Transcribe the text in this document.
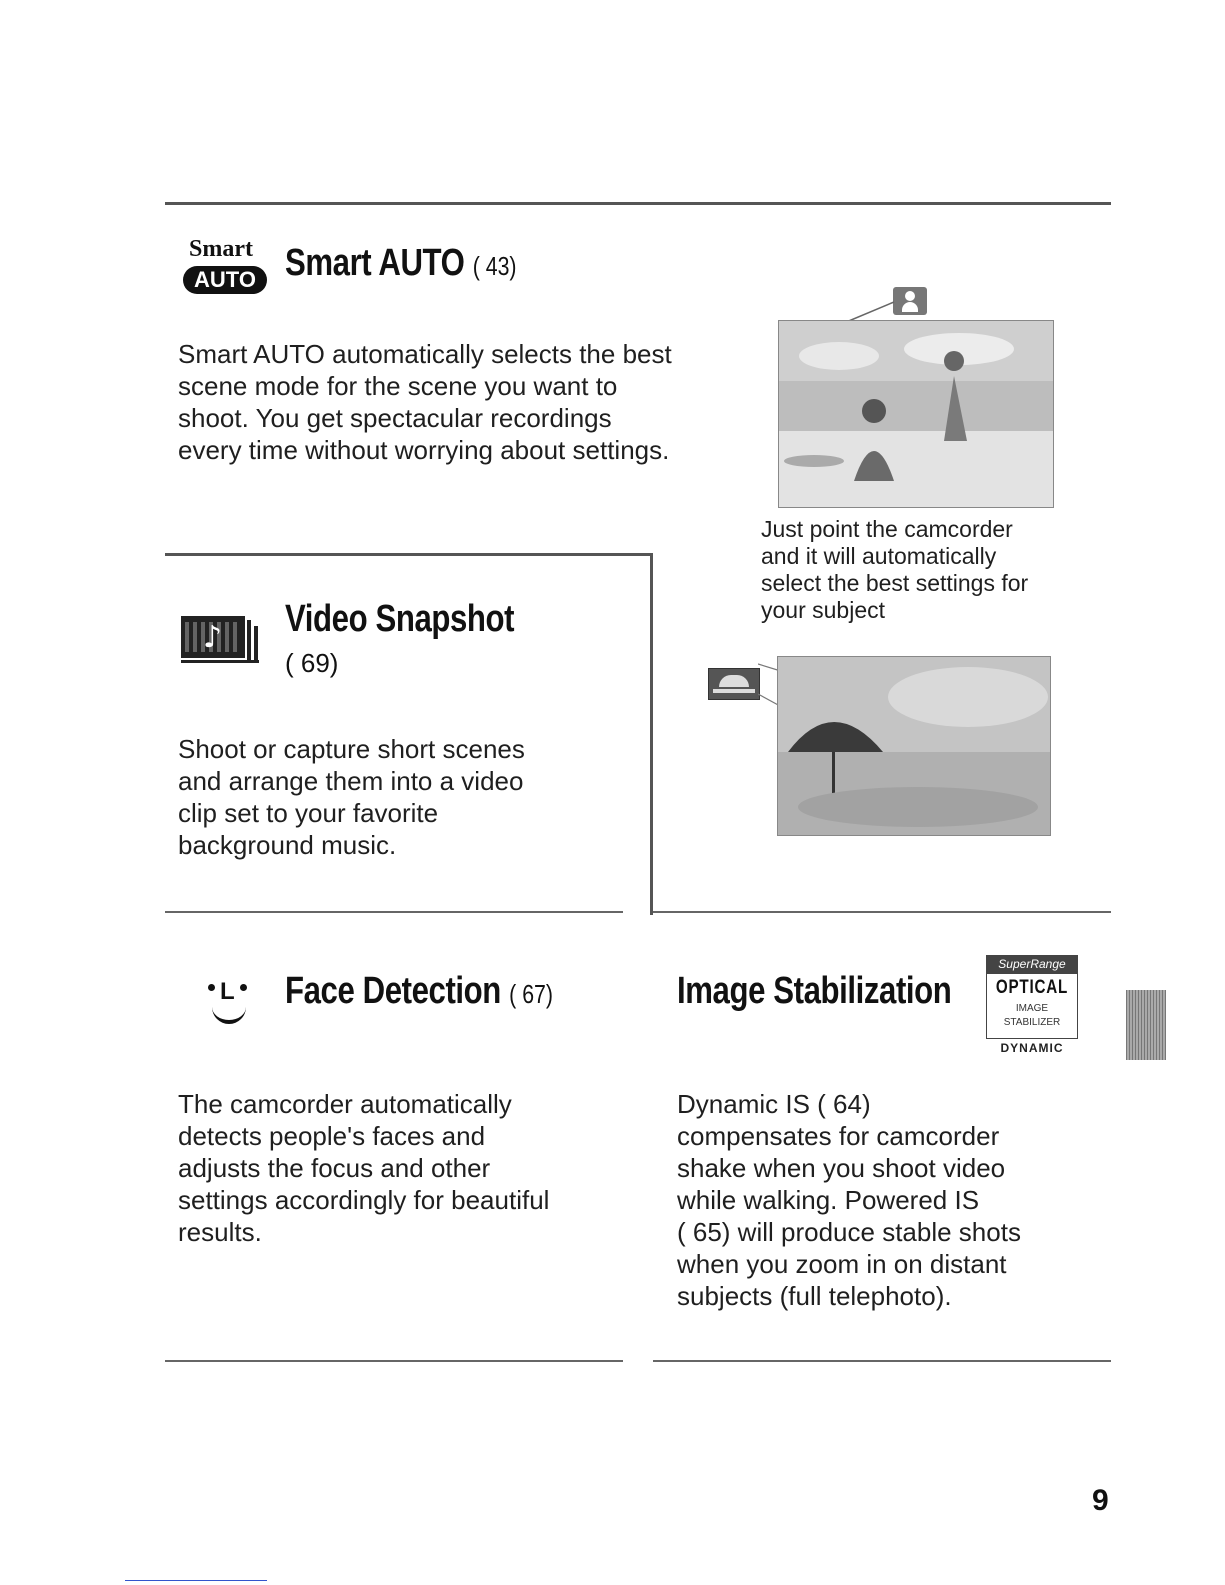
Smart
AUTO Smart AUTO ( 43)

Smart AUTO automatically selects the best

scene mode for the scene you want to

shoot. You get spectacular recordings

every time without worrying about settings.

Just point the camcorder

and it will automatically

select the best settings for

your subject

♪ Video Snapshot
( 69)

Shoot or capture short scenes

and arrange them into a video

clip set to your favorite

background music.

L Face Detection ( 67)

The camcorder automatically

detects people's faces and

adjusts the focus and other

settings accordingly for beautiful

results.

Image Stabilization
SuperRange
OPTICAL
IMAGE
STABILIZER
DYNAMIC

Dynamic IS ( 64)

compensates for camcorder

shake when you shoot video

while walking. Powered IS

( 65) will produce stable shots

when you zoom in on distant

subjects (full telephoto).

9
